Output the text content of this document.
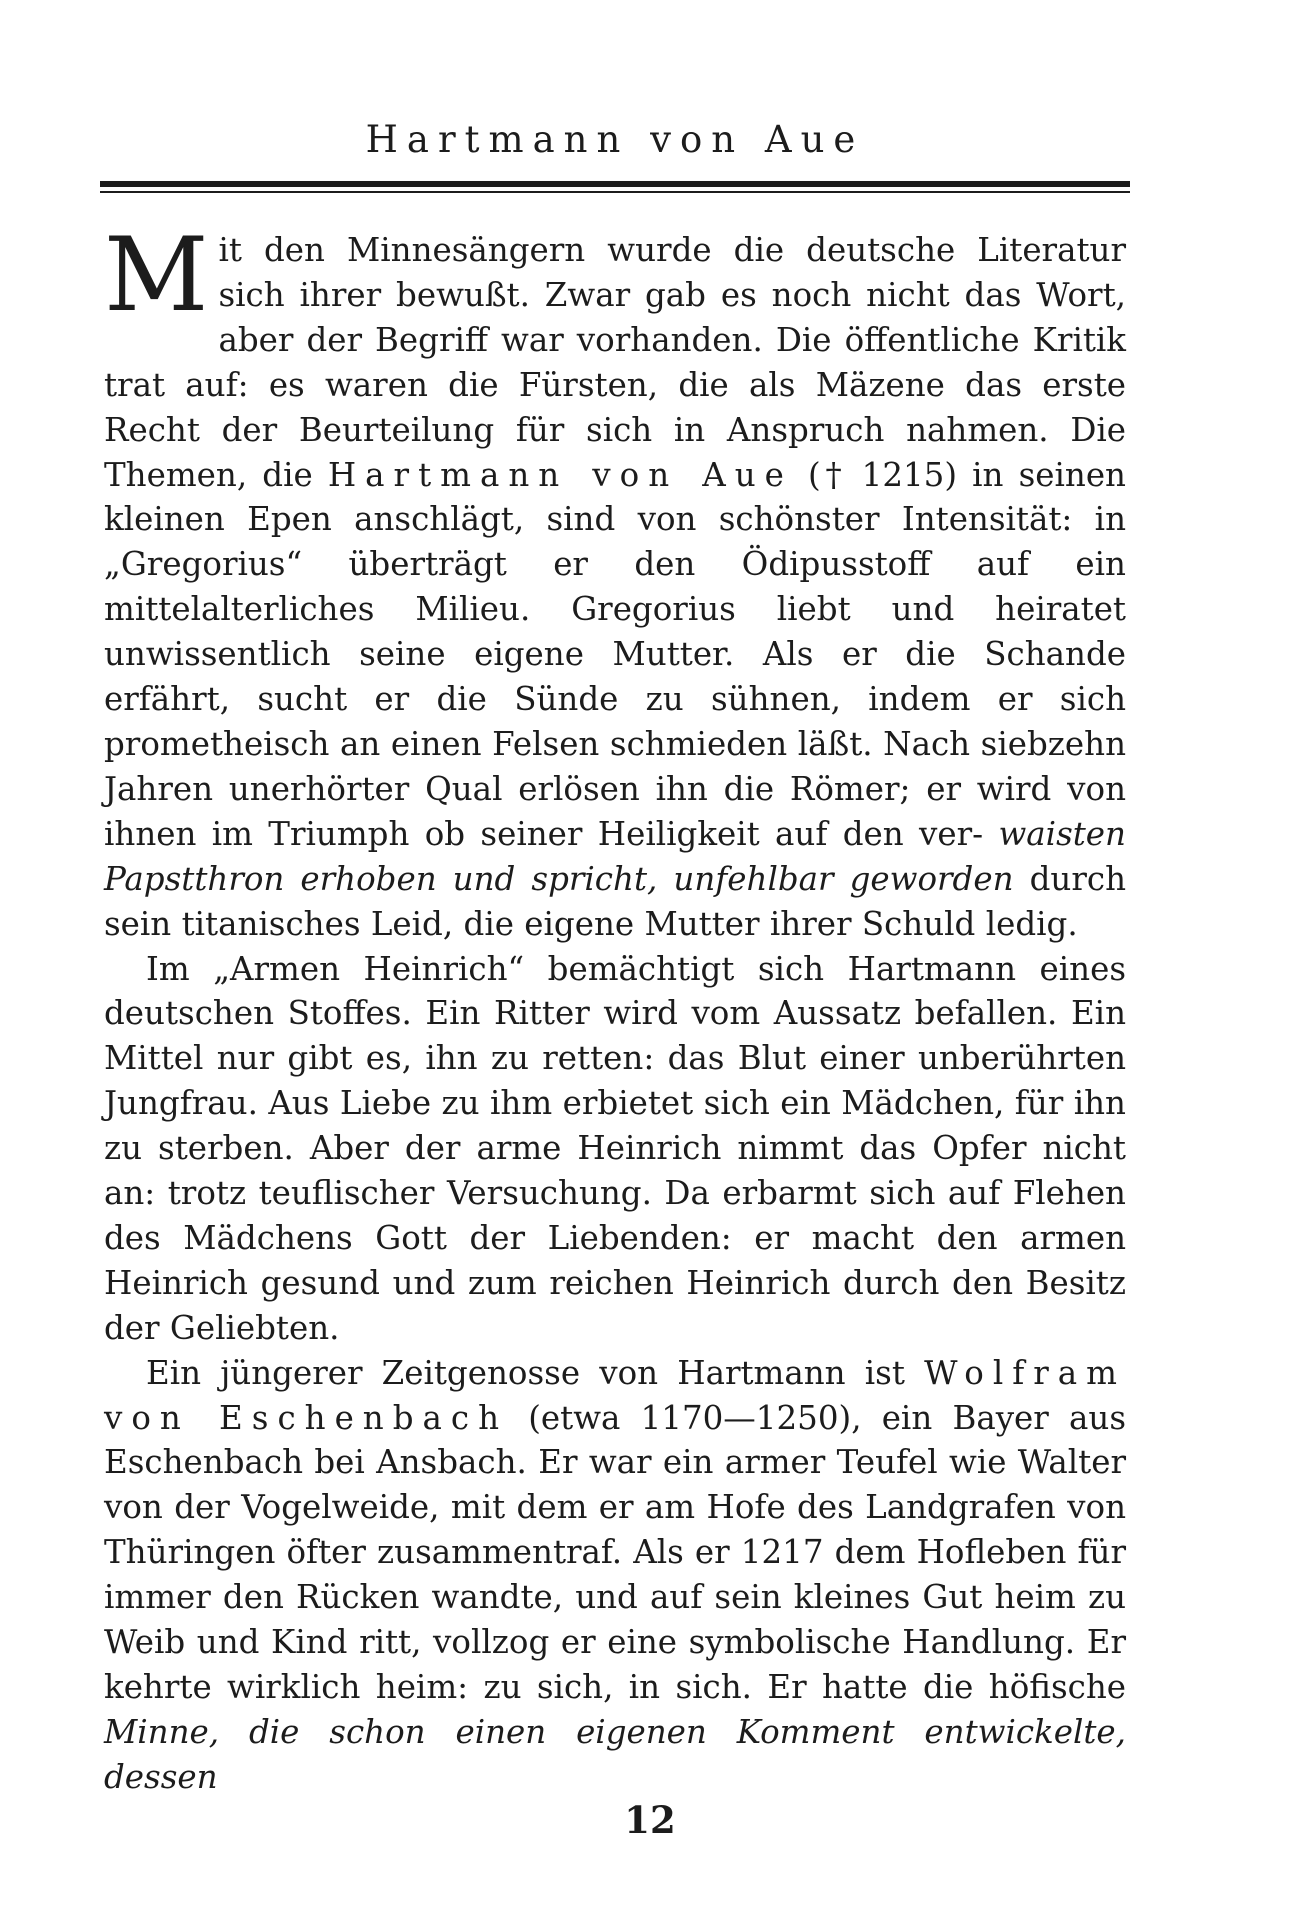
Hartmann von Aue

Mit den Minnesängern wurde die deutsche Literatur sich ihrer bewußt. Zwar gab es noch nicht das Wort, aber der Begriff war vorhanden. Die öffentliche Kritik trat auf: es waren die Fürsten, die als Mäzene das erste Recht der Beurteilung für sich in Anspruch nahmen. Die Themen, die Hartmann von Aue († 1215) in seinen kleinen Epen anschlägt, sind von schönster Intensität: in „Gregorius“ überträgt er den Ödipusstoff auf ein mittelalterliches Milieu. Gregorius liebt und heiratet unwissentlich seine eigene Mutter. Als er die Schande erfährt, sucht er die Sünde zu sühnen, indem er sich prometheisch an einen Felsen schmieden läßt. Nach siebzehn Jahren unerhörter Qual erlösen ihn die Römer; er wird von ihnen im Triumph ob seiner Heiligkeit auf den ver- waisten Papstthron erhoben und spricht, unfehlbar geworden durch sein titanisches Leid, die eigene Mutter ihrer Schuld ledig.

Im „Armen Heinrich“ bemächtigt sich Hartmann eines deutschen Stoffes. Ein Ritter wird vom Aussatz befallen. Ein Mittel nur gibt es, ihn zu retten: das Blut einer unberührten Jungfrau. Aus Liebe zu ihm erbietet sich ein Mädchen, für ihn zu sterben. Aber der arme Heinrich nimmt das Opfer nicht an: trotz teuflischer Versuchung. Da erbarmt sich auf Flehen des Mädchens Gott der Liebenden: er macht den armen Heinrich gesund und zum reichen Heinrich durch den Besitz der Geliebten.

Ein jüngerer Zeitgenosse von Hartmann ist Wolfram von Eschenbach (etwa 1170—1250), ein Bayer aus Eschenbach bei Ansbach. Er war ein armer Teufel wie Walter von der Vogelweide, mit dem er am Hofe des Landgrafen von Thüringen öfter zusammentraf. Als er 1217 dem Hofleben für immer den Rücken wandte, und auf sein kleines Gut heim zu Weib und Kind ritt, vollzog er eine symbolische Handlung. Er kehrte wirklich heim: zu sich, in sich. Er hatte die höfische Minne, die schon einen eigenen Komment entwickelte, dessen

12
